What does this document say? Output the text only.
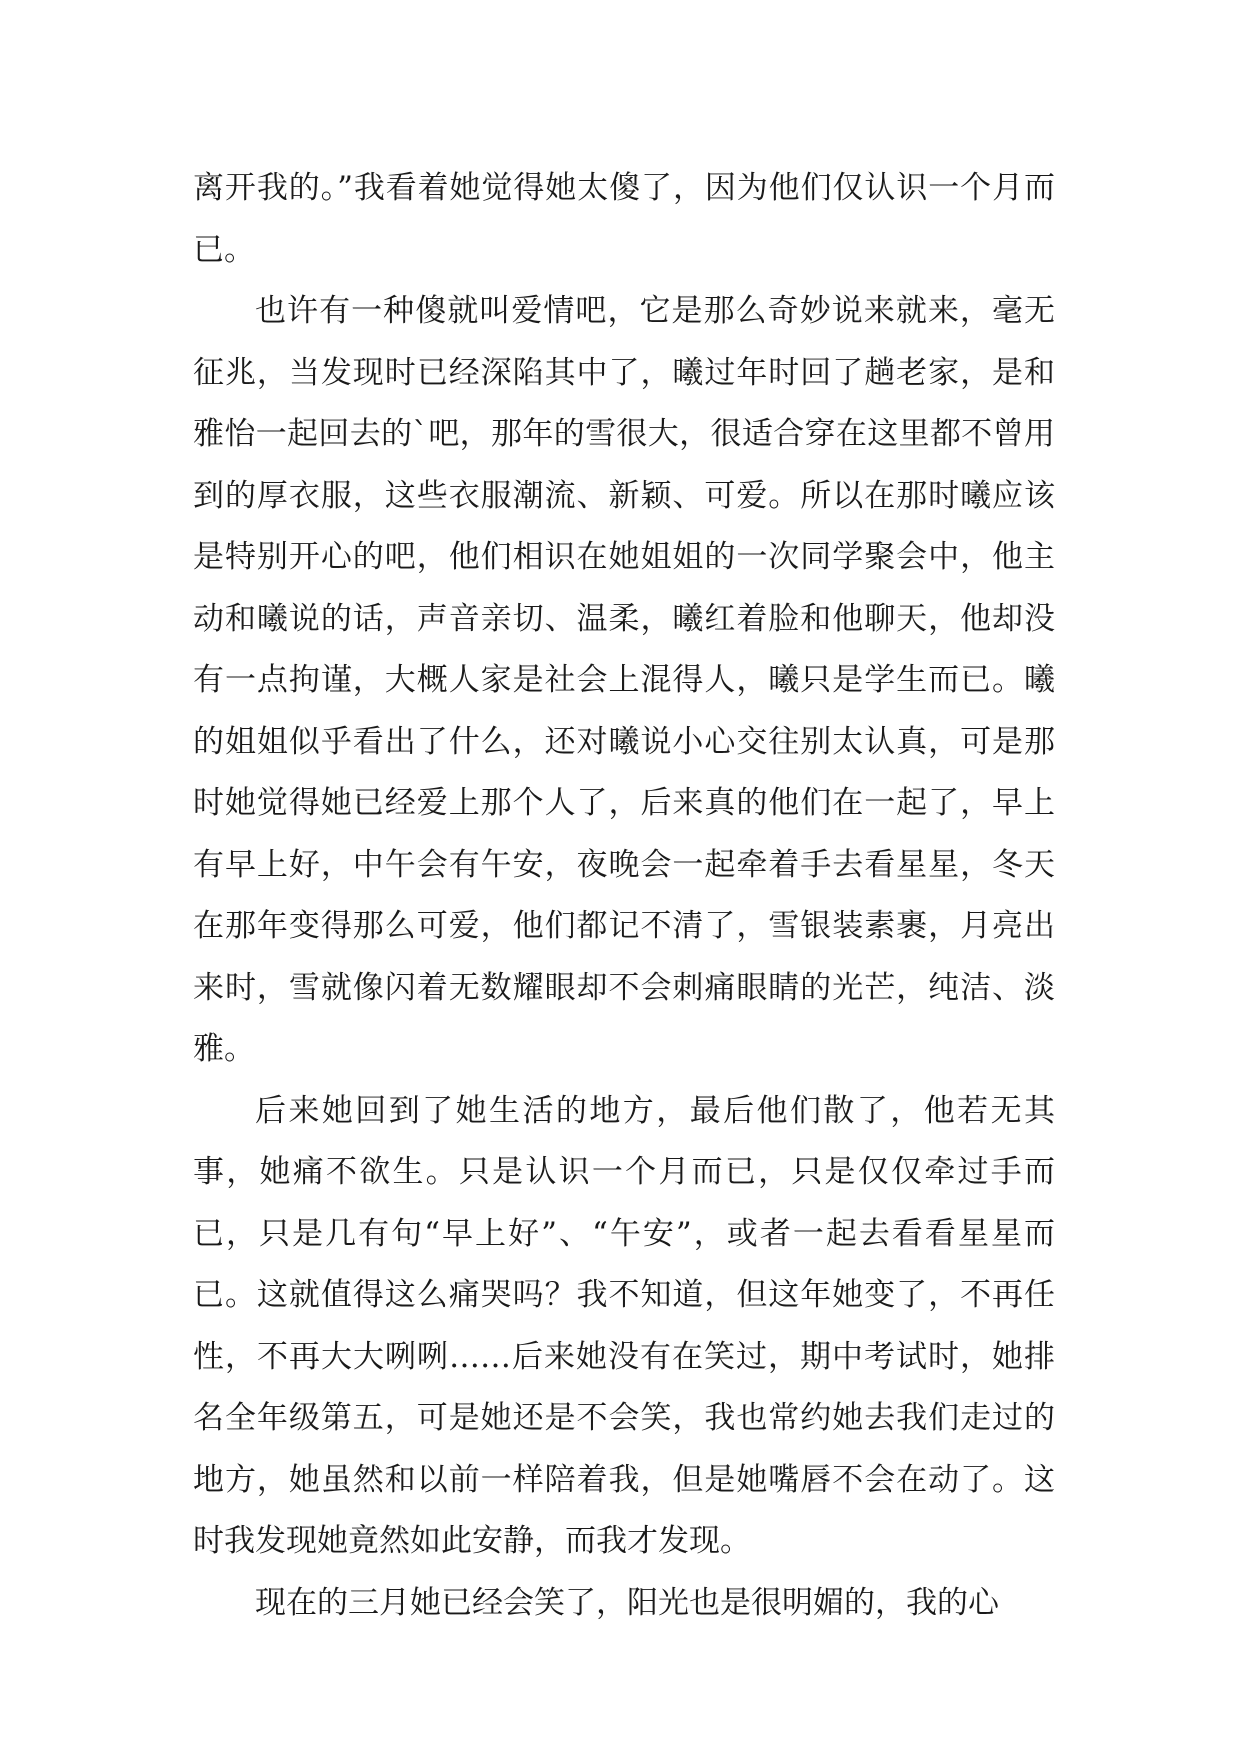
离开我的。”我看着她觉得她太傻了，因为他们仅认识一个月而已。

也许有一种傻就叫爱情吧，它是那么奇妙说来就来，毫无征兆，当发现时已经深陷其中了，曦过年时回了趟老家，是和雅怡一起回去的`吧，那年的雪很大，很适合穿在这里都不曾用到的厚衣服，这些衣服潮流、新颖、可爱。所以在那时曦应该是特别开心的吧，他们相识在她姐姐的一次同学聚会中，他主动和曦说的话，声音亲切、温柔，曦红着脸和他聊天，他却没有一点拘谨，大概人家是社会上混得人，曦只是学生而已。曦的姐姐似乎看出了什么，还对曦说小心交往别太认真，可是那时她觉得她已经爱上那个人了，后来真的他们在一起了，早上有早上好，中午会有午安，夜晚会一起牵着手去看星星，冬天在那年变得那么可爱，他们都记不清了，雪银装素裹，月亮出来时，雪就像闪着无数耀眼却不会刺痛眼睛的光芒，纯洁、淡雅。

后来她回到了她生活的地方，最后他们散了，他若无其事，她痛不欲生。只是认识一个月而已，只是仅仅牵过手而已，只是几有句“早上好”、“午安”，或者一起去看看星星而已。这就值得这么痛哭吗？我不知道，但这年她变了，不再任性，不再大大咧咧……后来她没有在笑过，期中考试时，她排名全年级第五，可是她还是不会笑，我也常约她去我们走过的地方，她虽然和以前一样陪着我，但是她嘴唇不会在动了。这时我发现她竟然如此安静，而我才发现。

现在的三月她已经会笑了，阳光也是很明媚的，我的心
